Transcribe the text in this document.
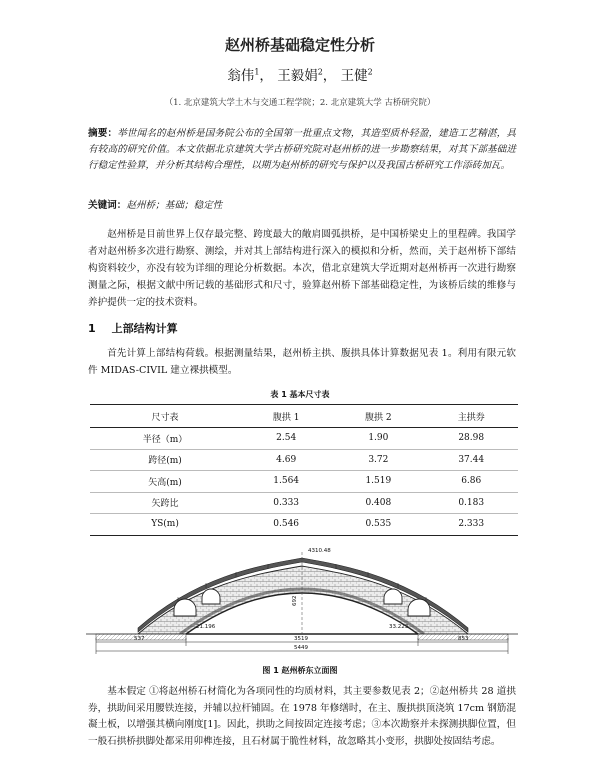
赵州桥基础稳定性分析
翁伟$^1$， 王毅娟$^2$， 王健$^2$
（1. 北京建筑大学土木与交通工程学院；2. 北京建筑大学 古桥研究院）
摘要：举世闻名的赵州桥是国务院公布的全国第一批重点文物，其造型质朴轻盈，建造工艺精湛，具有较高的研究价值。本文依据北京建筑大学古桥研究院对赵州桥的进一步勘察结果，对其下部基础进行稳定性验算，并分析其结构合理性，以期为赵州桥的研究与保护以及我国古桥研究工作添砖加瓦。
关键词：赵州桥；基础；稳定性
赵州桥是目前世界上仅存最完整、跨度最大的敞肩圆弧拱桥，是中国桥梁史上的里程碑。我国学者对赵州桥多次进行勘察、测绘，并对其上部结构进行深入的模拟和分析，然而，关于赵州桥下部结构资料较少，亦没有较为详细的理论分析数据。本次，借北京建筑大学近期对赵州桥再一次进行勘察测量之际，根据文献中所记载的基础形式和尺寸，验算赵州桥下部基础稳定性，为该桥后续的维修与养护提供一定的技术资料。
1 上部结构计算
首先计算上部结构荷载。根据测量结果，赵州桥主拱、腹拱具体计算数据见表 1。利用有限元软件 MIDAS-CIVIL 建立裸拱模型。
表 1 基本尺寸表
尺寸表	腹拱 1	腹拱 2	主拱券
半径（m）	2.54	1.90	28.98
跨径(m)	4.69	3.72	37.44
矢高(m)	1.564	1.519	6.86
矢跨比	0.333	0.408	0.183
YS(m)	0.546	0.535	2.333
4310.48
692
21.196	33.223
537	3519	853
5449
图 1 赵州桥东立面图
基本假定 ①将赵州桥石材简化为各项同性的均质材料，其主要参数见表 2；②赵州桥共 28 道拱券，拱助间采用腰铁连接，并辅以拉杆铺固。在 1978 年修缮时，在主、腹拱拱顶浇筑 17cm 钢筋混凝土板，以增强其横向刚度[1]。因此，拱助之间按固定连接考虑；③本次勘察并未探测拱脚位置，但一般石拱桥拱脚处都采用卯榫连接，且石材属于脆性材料，故忽略其小变形，拱脚处按固结考虑。
